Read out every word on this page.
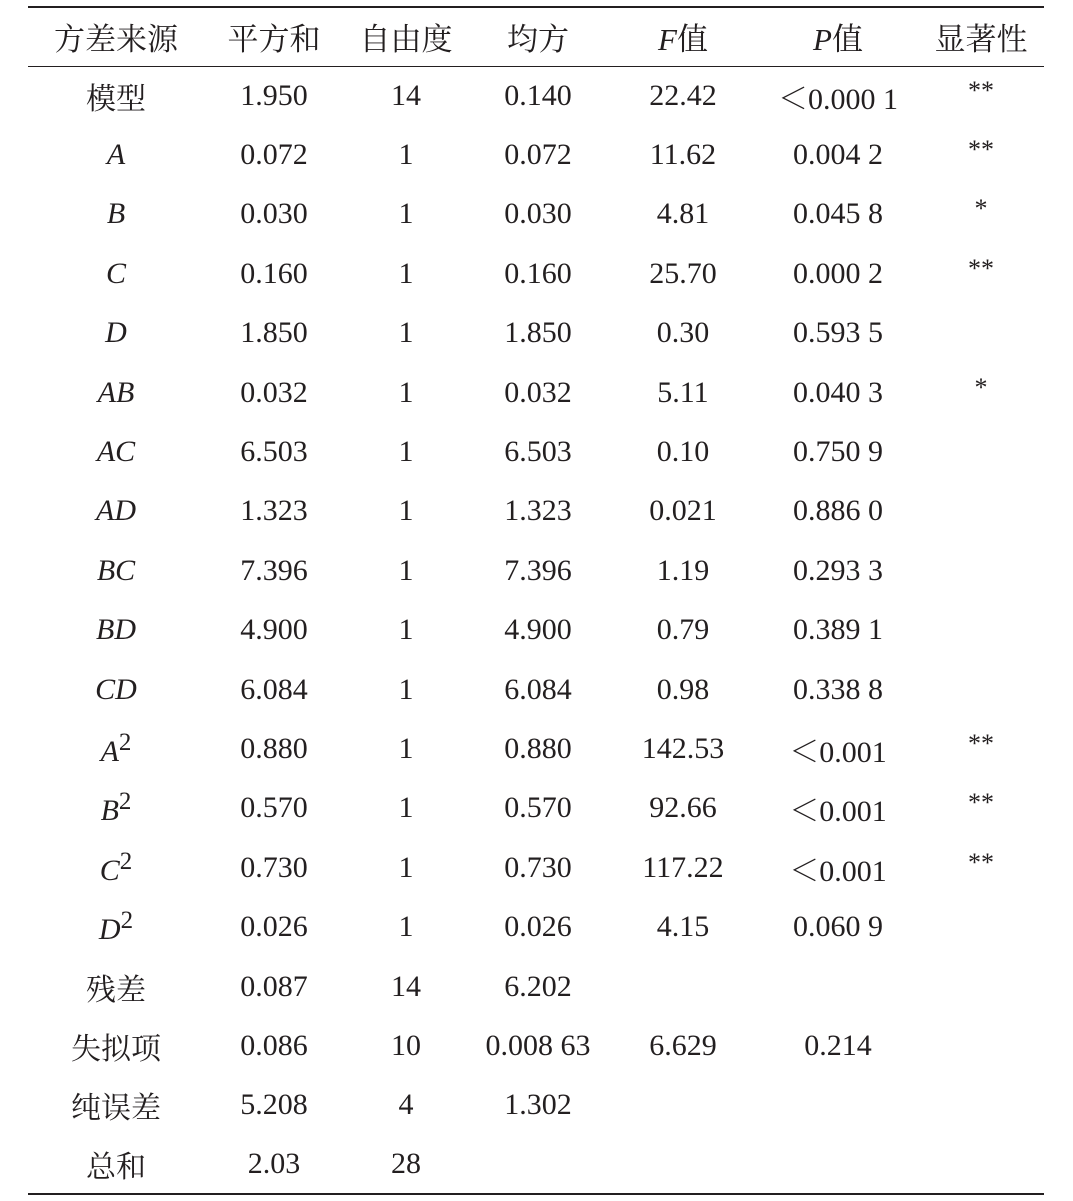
方差来源	平方和	自由度	均方	F值	P值	显著性
模型	1.950	14	0.140	22.42	＜0.000 1	**
A	0.072	1	0.072	11.62	0.004 2	**
B	0.030	1	0.030	4.81	0.045 8	*
C	0.160	1	0.160	25.70	0.000 2	**
D	1.850	1	1.850	0.30	0.593 5	
AB	0.032	1	0.032	5.11	0.040 3	*
AC	6.503	1	6.503	0.10	0.750 9	
AD	1.323	1	1.323	0.021	0.886 0	
BC	7.396	1	7.396	1.19	0.293 3	
BD	4.900	1	4.900	0.79	0.389 1	
CD	6.084	1	6.084	0.98	0.338 8	
$A^2$	0.880	1	0.880	142.53	＜0.001	**
$B^2$	0.570	1	0.570	92.66	＜0.001	**
$C^2$	0.730	1	0.730	117.22	＜0.001	**
$D^2$	0.026	1	0.026	4.15	0.060 9	
残差	0.087	14	6.202			
失拟项	0.086	10	0.008 63	6.629	0.214	
纯误差	5.208	4	1.302			
总和	2.03	28				
